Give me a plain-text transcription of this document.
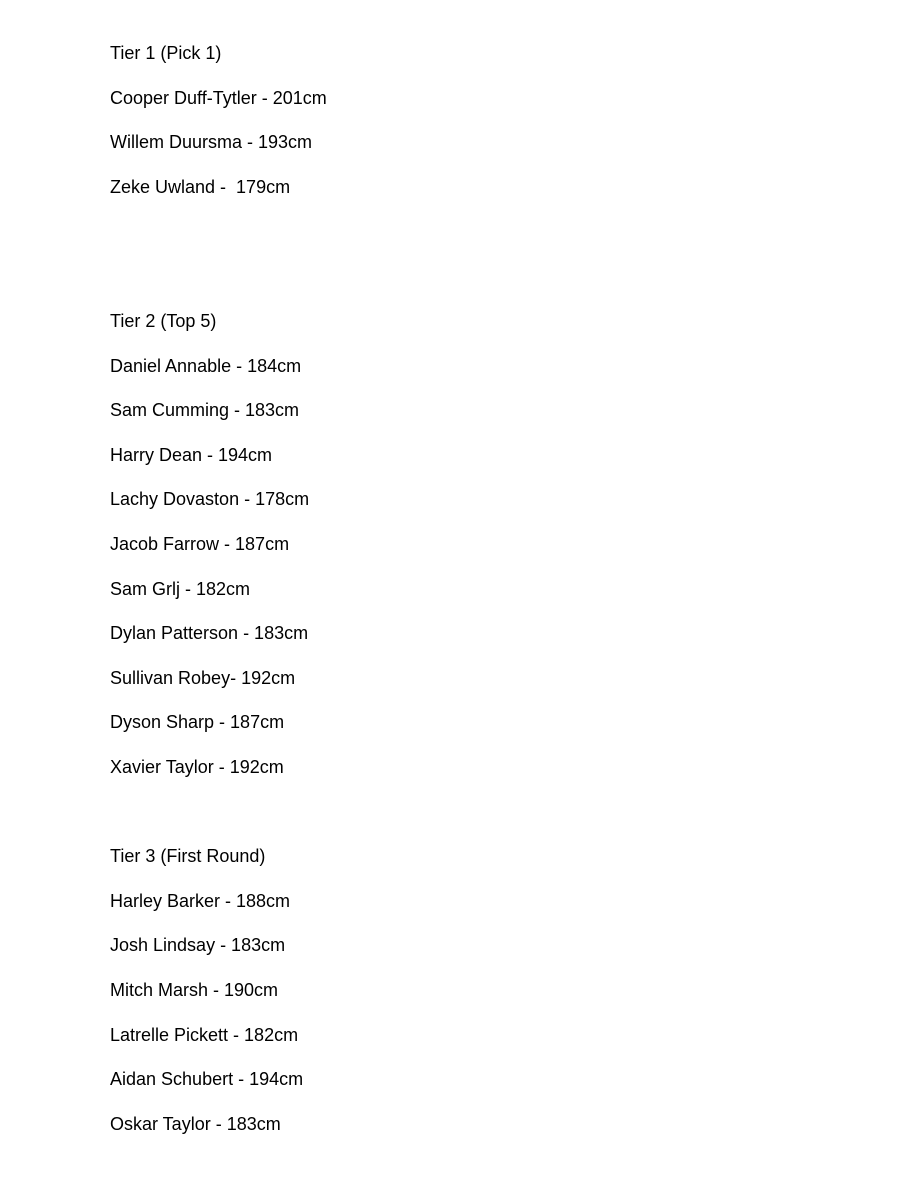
Tier 1 (Pick 1)

Cooper Duff-Tytler - 201cm

Willem Duursma - 193cm

Zeke Uwland -  179cm

Tier 2 (Top 5)

Daniel Annable - 184cm

Sam Cumming - 183cm

Harry Dean - 194cm

Lachy Dovaston - 178cm

Jacob Farrow - 187cm

Sam Grlj - 182cm

Dylan Patterson - 183cm

Sullivan Robey- 192cm

Dyson Sharp - 187cm

Xavier Taylor - 192cm

Tier 3 (First Round)

Harley Barker - 188cm

Josh Lindsay - 183cm

Mitch Marsh - 190cm

Latrelle Pickett - 182cm

Aidan Schubert - 194cm

Oskar Taylor - 183cm
